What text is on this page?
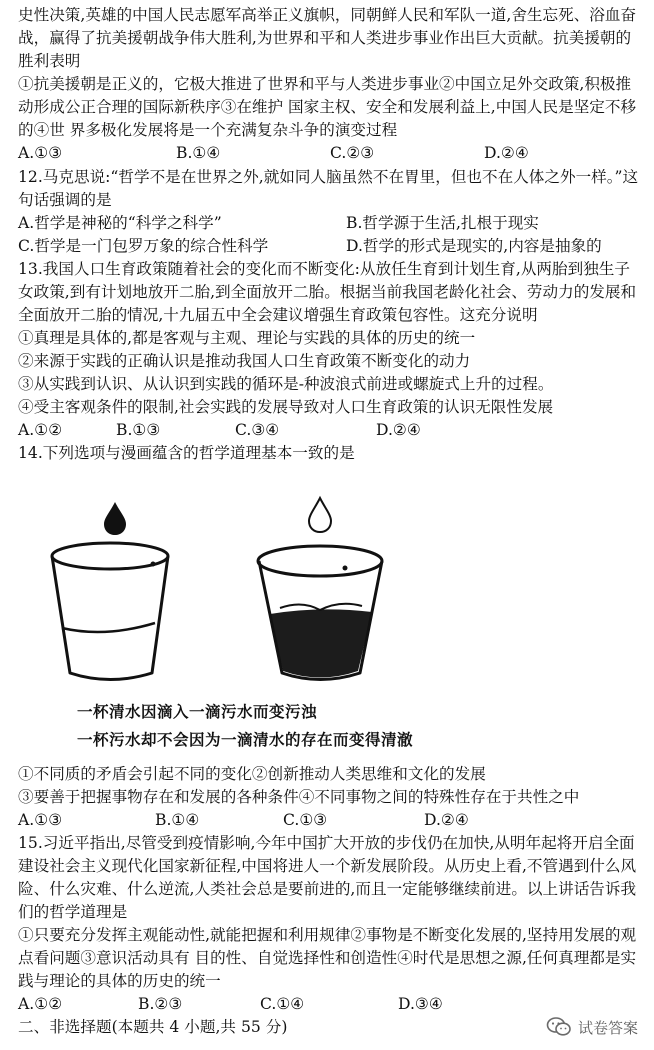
史性决策,英雄的中国人民志愿军高举正义旗帜，同朝鲜人民和军队一道,舍生忘死、浴血奋
战，赢得了抗美援朝战争伟大胜利,为世界和平和人类进步事业作出巨大贡献。抗美援朝的
胜利表明
①抗美援朝是正义的，它极大推进了世界和平与人类进步事业②中国立足外交政策,积极推
动形成公正合理的国际新秩序③在维护 国家主权、安全和发展利益上,中国人民是坚定不移
的④世 界多极化发展将是一个充满复杂斗争的演变过程
A.①③	B.①④	C.②③	D.②④
12.马克思说:“哲学不是在世界之外,就如同人脑虽然不在胃里，但也不在人体之外一样。”这
句话强调的是
A.哲学是神秘的“科学之科学”	B.哲学源于生活,扎根于现实
C.哲学是一门包罗万象的综合性科学	D.哲学的形式是现实的,内容是抽象的
13.我国人口生育政策随着社会的变化而不断变化:从放任生育到计划生育,从两胎到独生子
女政策,到有计划地放开二胎,到全面放开二胎。根据当前我国老龄化社会、劳动力的发展和
全面放开二胎的情况,十九届五中全会建议增强生育政策包容性。这充分说明
①真理是具体的,都是客观与主观、理论与实践的具体的历史的统一
②来源于实践的正确认识是推动我国人口生育政策不断变化的动力
③从实践到认识、从认识到实践的循环是-种波浪式前进或螺旋式上升的过程。
④受主客观条件的限制,社会实践的发展导致对人口生育政策的认识无限性发展
A.①②	B.①③	C.③④	D.②④
14.下列选项与漫画蕴含的哲学道理基本一致的是
一杯清水因滴入一滴污水而变污浊
一杯污水却不会因为一滴清水的存在而变得清澈
①不同质的矛盾会引起不同的变化②创新推动人类思维和文化的发展
③要善于把握事物存在和发展的各种条件④不同事物之间的特殊性存在于共性之中
A.①③	B.①④	C.①③	D.②④
15.习近平指出,尽管受到疫情影响,今年中国扩大开放的步伐仍在加快,从明年起将开启全面
建设社会主义现代化国家新征程,中国将进人一个新发展阶段。从历史上看,不管遇到什么风
险、什么灾难、什么逆流,人类社会总是要前进的,而且一定能够继续前进。以上讲话告诉我
们的哲学道理是
①只要充分发挥主观能动性,就能把握和利用规律②事物是不断变化发展的,坚持用发展的观
点看问题③意识活动具有 目的性、自觉选择性和创造性④时代是思想之源,任何真理都是实
践与理论的具体的历史的统一
A.①②	B.②③	C.①④	D.③④
二、非选择题(本题共 4 小题,共 55 分)	试卷答案
